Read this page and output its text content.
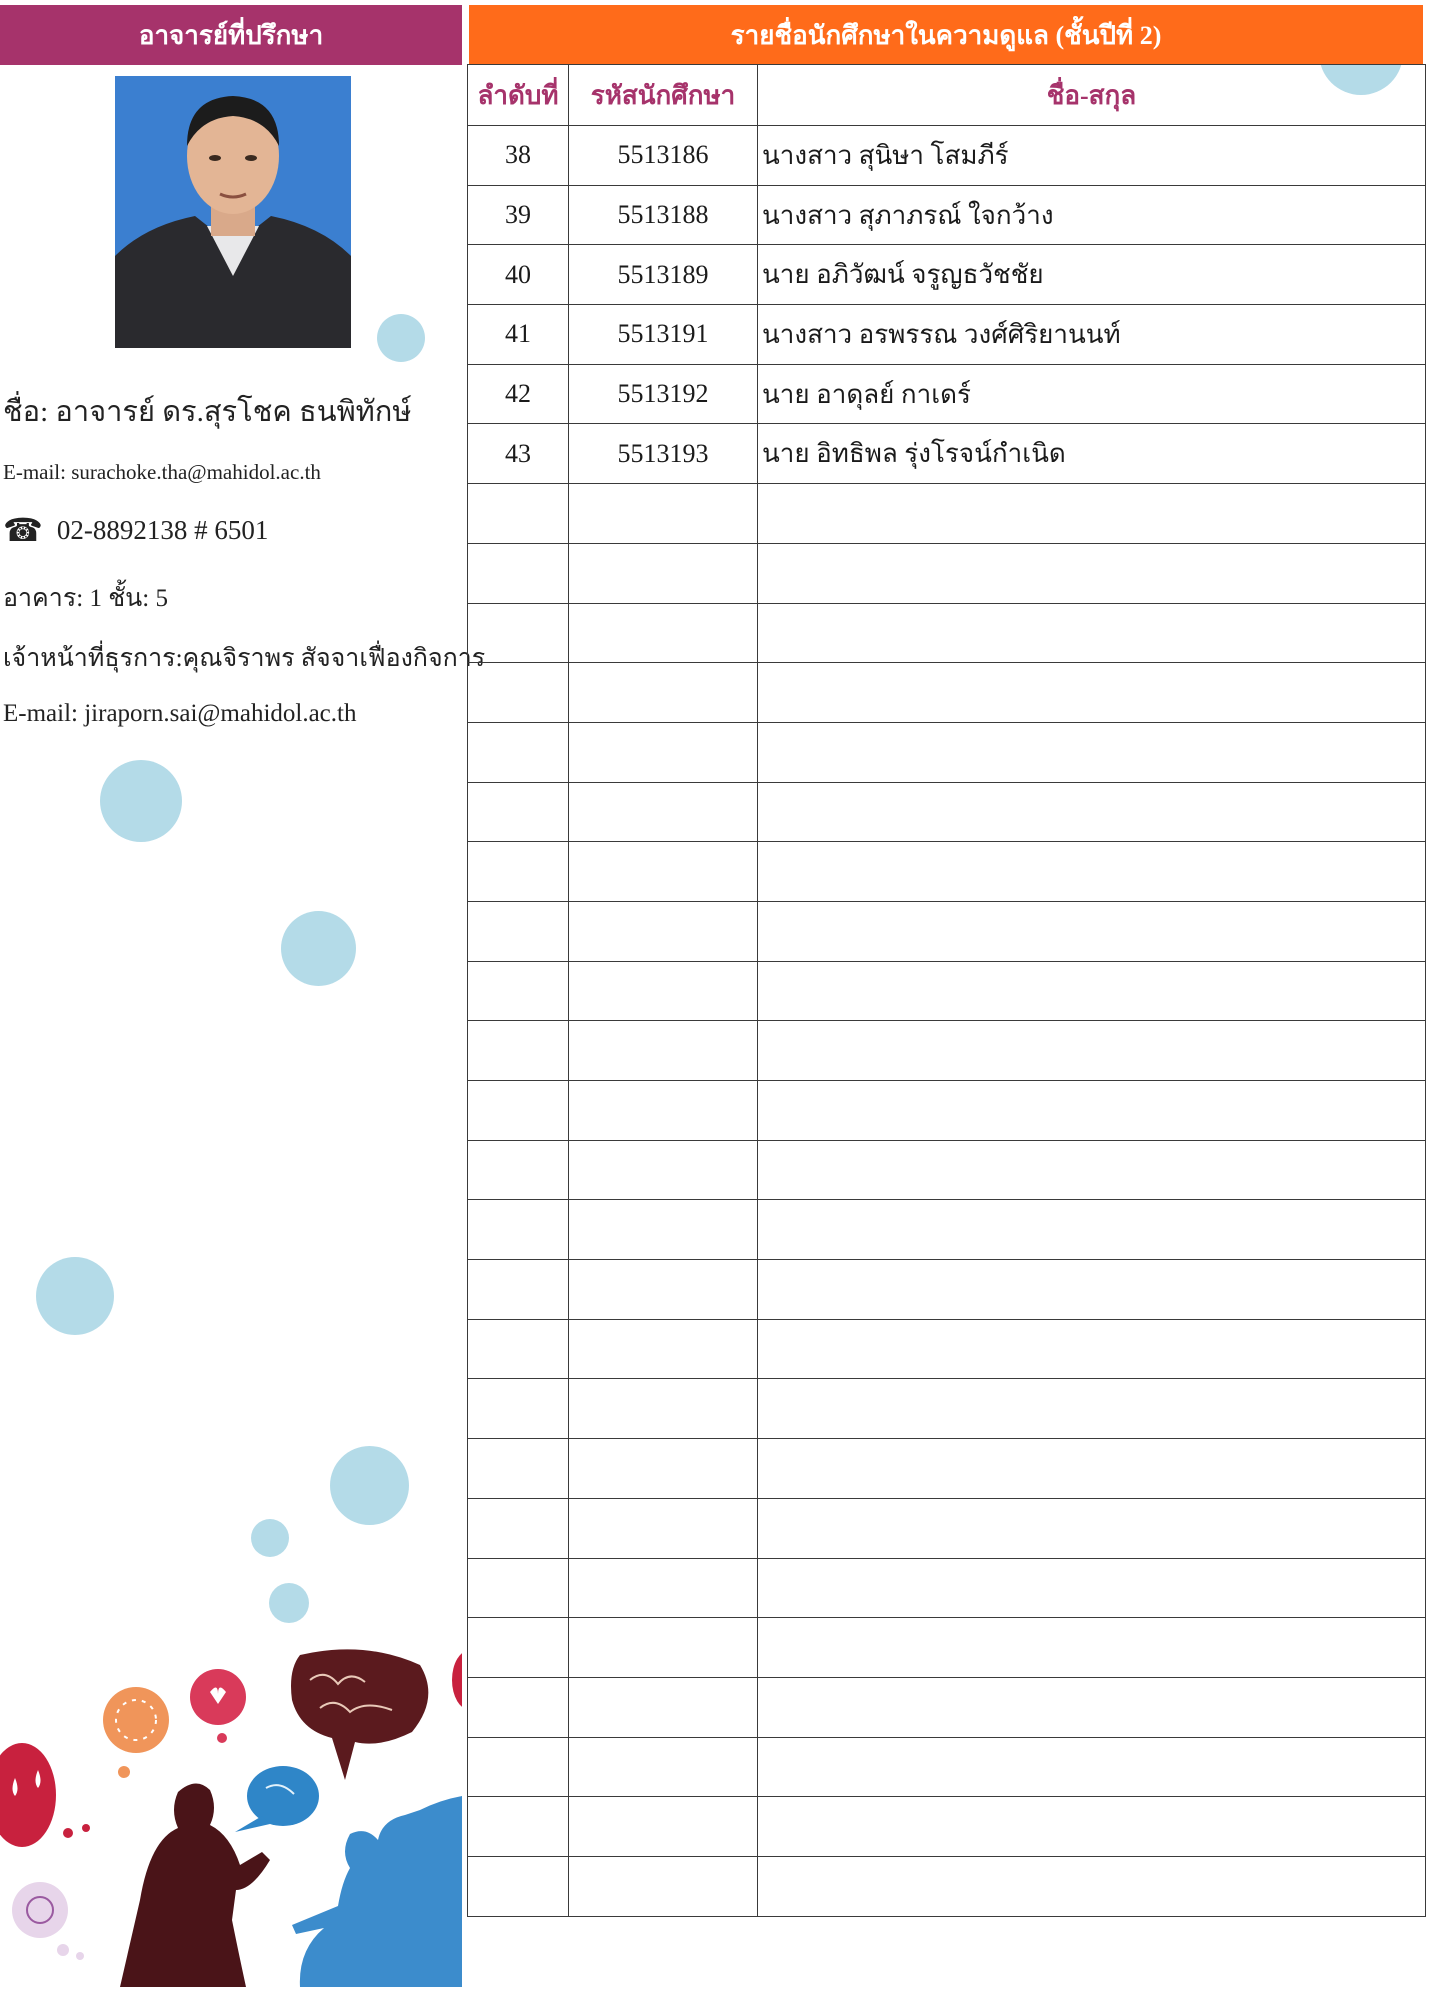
อาจารย์ที่ปรึกษา
ชื่อ: อาจารย์ ดร.สุรโชค ธนพิทักษ์
E-mail: surachoke.tha@mahidol.ac.th
☎ 02-8892138 # 6501
อาคาร: 1 ชั้น: 5
เจ้าหน้าที่ธุรการ:คุณจิราพร สัจจาเฟื่องกิจการ
E-mail: jiraporn.sai@mahidol.ac.th
รายชื่อนักศึกษาในความดูแล (ชั้นปีที่ 2)
ลำดับที่	รหัสนักศึกษา	ชื่อ-สกุล
38	5513186	นางสาว สุนิษา โสมภีร์
39	5513188	นางสาว สุภาภรณ์ ใจกว้าง
40	5513189	นาย อภิวัฒน์ จรูญธวัชชัย
41	5513191	นางสาว อรพรรณ วงศ์ศิริยานนท์
42	5513192	นาย อาดุลย์ กาเดร์
43	5513193	นาย อิทธิพล รุ่งโรจน์กำเนิด
